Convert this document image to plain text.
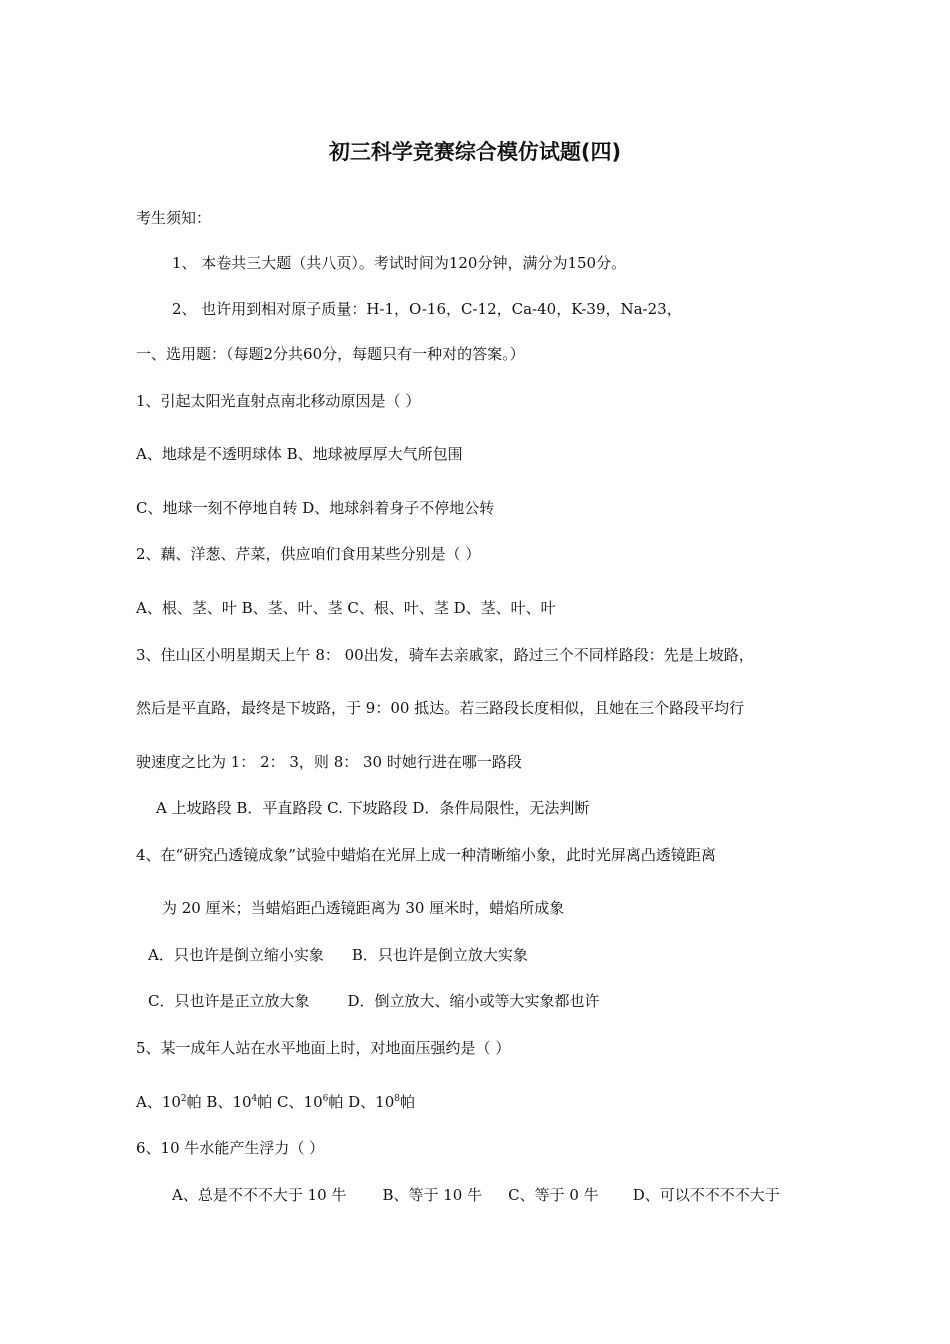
初三科学竞赛综合模仿试题(四)
考生须知：
1、 本卷共三大题（共八页）。考试时间为120分钟，满分为150分。
2、 也许用到相对原子质量：H-1，O-16，C-12，Ca-40，K-39，Na-23，
一、选用题：（每题2分共60分，每题只有一种对的答案。）
1、引起太阳光直射点南北移动原因是（ ）
A、地球是不透明球体 B、地球被厚厚大气所包围
C、地球一刻不停地自转 D、地球斜着身子不停地公转
2、藕、洋葱、芹菜，供应咱们食用某些分别是（ ）
A、根、茎、叶 B、茎、叶、茎 C、根、叶、茎 D、茎、叶、叶
3、住山区小明星期天上午 8： 00出发，骑车去亲戚家，路过三个不同样路段：先是上坡路，
然后是平直路，最终是下坡路，于 9：00 抵达。若三路段长度相似，且她在三个路段平均行
驶速度之比为 1： 2： 3，则 8： 30 时她行进在哪一路段
A 上坡路段 B．平直路段 C. 下坡路段 D．条件局限性，无法判断
4、在“研究凸透镜成象”试验中蜡焰在光屏上成一种清晰缩小象，此时光屏离凸透镜距离
为 20 厘米；当蜡焰距凸透镜距离为 30 厘米时，蜡焰所成象
A．只也许是倒立缩小实象 B．只也许是倒立放大实象
C．只也许是正立放大象	D．倒立放大、缩小或等大实象都也许
5、某一成年人站在水平地面上时，对地面压强约是（ ）
A、$10^2$帕 B、$10^4$帕 C、$10^6$帕 D、$10^8$帕
6、10 牛水能产生浮力（ ）
A、总是不不不大于 10 牛 B、等于 10 牛 C、等于 0 牛 D、可以不不不不大于
